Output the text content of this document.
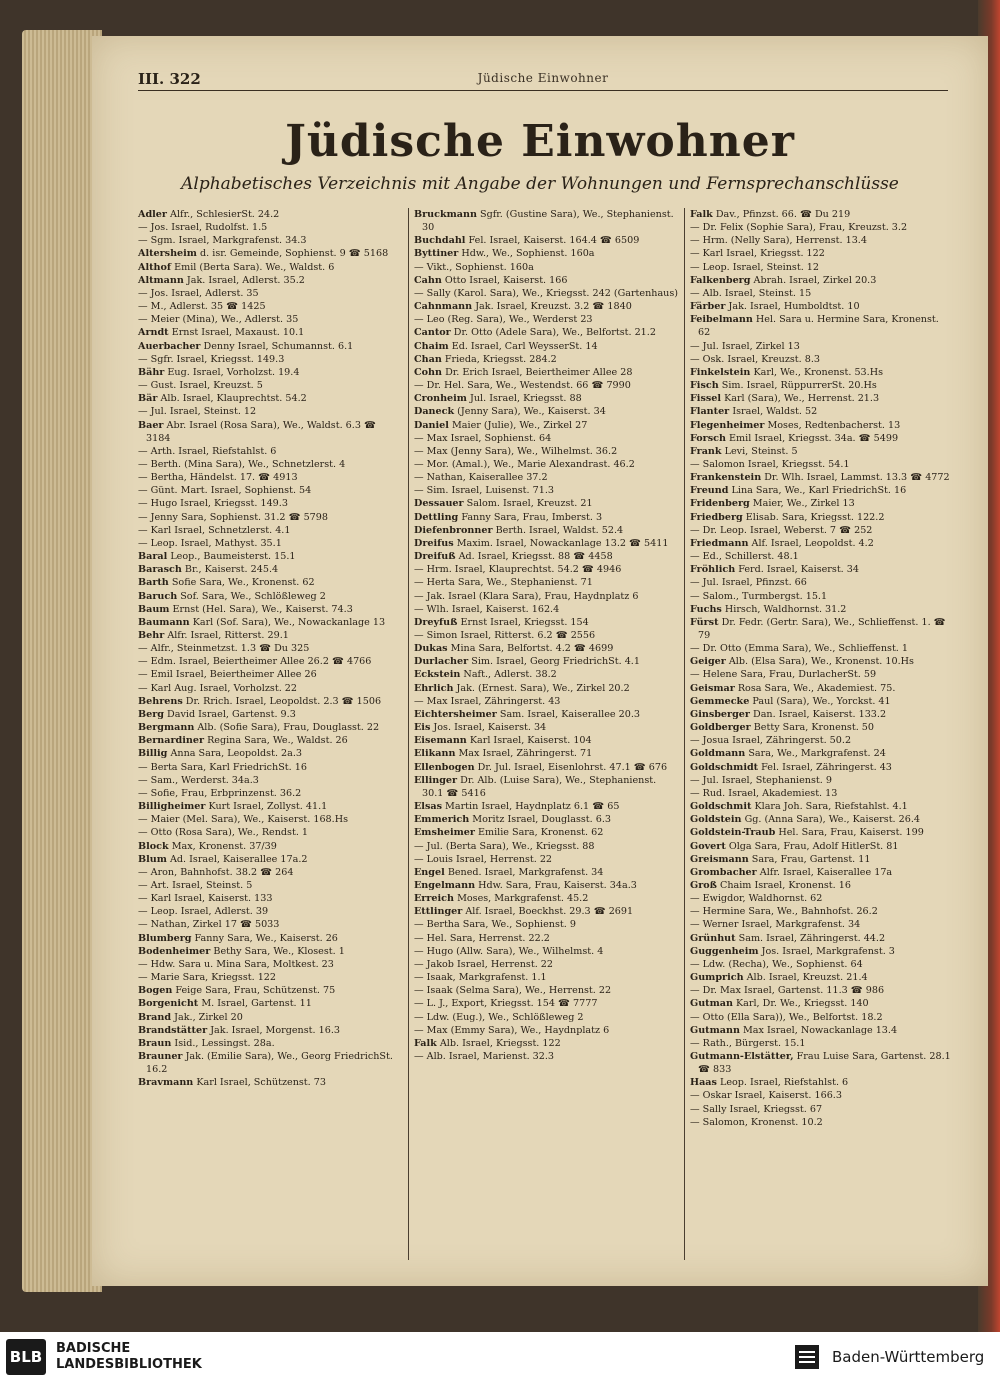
III. 322	Jüdische Einwohner
Jüdische Einwohner
Alphabetisches Verzeichnis mit Angabe der Wohnungen und Fernsprechanschlüsse
Adler Alfr., SchlesierSt. 24.2
— Jos. Israel, Rudolfst. 1.5
— Sgm. Israel, Markgrafenst. 34.3
Altersheim d. isr. Gemeinde, Sophienst. 9 ☎ 5168
Althof Emil (Berta Sara). We., Waldst. 6
Altmann Jak. Israel, Adlerst. 35.2
— Jos. Israel, Adlerst. 35
— M., Adlerst. 35 ☎ 1425
— Meier (Mina), We., Adlerst. 35
Arndt Ernst Israel, Maxaust. 10.1
Auerbacher Denny Israel, Schumannst. 6.1
— Sgfr. Israel, Kriegsst. 149.3
Bähr Eug. Israel, Vorholzst. 19.4
— Gust. Israel, Kreuzst. 5
Bär Alb. Israel, Klauprechtst. 54.2
— Jul. Israel, Steinst. 12
Baer Abr. Israel (Rosa Sara), We., Waldst. 6.3 ☎ 3184
— Arth. Israel, Riefstahlst. 6
— Berth. (Mina Sara), We., Schnetzlerst. 4
— Bertha, Händelst. 17. ☎ 4913
— Günt. Mart. Israel, Sophienst. 54
— Hugo Israel, Kriegsst. 149.3
— Jenny Sara, Sophienst. 31.2 ☎ 5798
— Karl Israel, Schnetzlerst. 4.1
— Leop. Israel, Mathyst. 35.1
Baral Leop., Baumeisterst. 15.1
Barasch Br., Kaiserst. 245.4
Barth Sofie Sara, We., Kronenst. 62
Baruch Sof. Sara, We., Schlößleweg 2
Baum Ernst (Hel. Sara), We., Kaiserst. 74.3
Baumann Karl (Sof. Sara), We., Nowackanlage 13
Behr Alfr. Israel, Ritterst. 29.1
— Alfr., Steinmetzst. 1.3 ☎ Du 325
— Edm. Israel, Beiertheimer Allee 26.2 ☎ 4766
— Emil Israel, Beiertheimer Allee 26
— Karl Aug. Israel, Vorholzst. 22
Behrens Dr. Rrich. Israel, Leopoldst. 2.3 ☎ 1506
Berg David Israel, Gartenst. 9.3
Bergmann Alb. (Sofie Sara), Frau, Douglasst. 22
Bernardiner Regina Sara, We., Waldst. 26
Billig Anna Sara, Leopoldst. 2a.3
— Berta Sara, Karl FriedrichSt. 16
— Sam., Werderst. 34a.3
— Sofie, Frau, Erbprinzenst. 36.2
Billigheimer Kurt Israel, Zollyst. 41.1
— Maier (Mel. Sara), We., Kaiserst. 168.Hs
— Otto (Rosa Sara), We., Rendst. 1
Block Max, Kronenst. 37/39
Blum Ad. Israel, Kaiserallee 17a.2
— Aron, Bahnhofst. 38.2 ☎ 264
— Art. Israel, Steinst. 5
— Karl Israel, Kaiserst. 133
— Leop. Israel, Adlerst. 39
— Nathan, Zirkel 17 ☎ 5033
Blumberg Fanny Sara, We., Kaiserst. 26
Bodenheimer Bethy Sara, We., Klosest. 1
— Hdw. Sara u. Mina Sara, Moltkest. 23
— Marie Sara, Kriegsst. 122
Bogen Feige Sara, Frau, Schützenst. 75
Borgenicht M. Israel, Gartenst. 11
Brand Jak., Zirkel 20
Brandstätter Jak. Israel, Morgenst. 16.3
Braun Isid., Lessingst. 28a.
Brauner Jak. (Emilie Sara), We., Georg FriedrichSt. 16.2
Bravmann Karl Israel, Schützenst. 73
Bruckmann Sgfr. (Gustine Sara), We., Stephanienst. 30
Buchdahl Fel. Israel, Kaiserst. 164.4 ☎ 6509
Byttiner Hdw., We., Sophienst. 160a
— Vikt., Sophienst. 160a
Cahn Otto Israel, Kaiserst. 166
— Sally (Karol. Sara), We., Kriegsst. 242 (Gartenhaus)
Cahnmann Jak. Israel, Kreuzst. 3.2 ☎ 1840
— Leo (Reg. Sara), We., Werderst 23
Cantor Dr. Otto (Adele Sara), We., Belfortst. 21.2
Chaim Ed. Israel, Carl WeysserSt. 14
Chan Frieda, Kriegsst. 284.2
Cohn Dr. Erich Israel, Beiertheimer Allee 28
— Dr. Hel. Sara, We., Westendst. 66 ☎ 7990
Cronheim Jul. Israel, Kriegsst. 88
Daneck (Jenny Sara), We., Kaiserst. 34
Daniel Maier (Julie), We., Zirkel 27
— Max Israel, Sophienst. 64
— Max (Jenny Sara), We., Wilhelmst. 36.2
— Mor. (Amal.), We., Marie Alexandrast. 46.2
— Nathan, Kaiserallee 37.2
— Sim. Israel, Luisenst. 71.3
Dessauer Salom. Israel, Kreuzst. 21
Dettling Fanny Sara, Frau, Imberst. 3
Diefenbronner Berth. Israel, Waldst. 52.4
Dreifus Maxim. Israel, Nowackanlage 13.2 ☎ 5411
Dreifuß Ad. Israel, Kriegsst. 88 ☎ 4458
— Hrm. Israel, Klauprechtst. 54.2 ☎ 4946
— Herta Sara, We., Stephanienst. 71
— Jak. Israel (Klara Sara), Frau, Haydnplatz 6
— Wlh. Israel, Kaiserst. 162.4
Dreyfuß Ernst Israel, Kriegsst. 154
— Simon Israel, Ritterst. 6.2 ☎ 2556
Dukas Mina Sara, Belfortst. 4.2 ☎ 4699
Durlacher Sim. Israel, Georg FriedrichSt. 4.1
Eckstein Naft., Adlerst. 38.2
Ehrlich Jak. (Ernest. Sara), We., Zirkel 20.2
— Max Israel, Zähringerst. 43
Eichtersheimer Sam. Israel, Kaiserallee 20.3
Eis Jos. Israel, Kaiserst. 34
Eisemann Karl Israel, Kaiserst. 104
Elikann Max Israel, Zähringerst. 71
Ellenbogen Dr. Jul. Israel, Eisenlohrst. 47.1 ☎ 676
Ellinger Dr. Alb. (Luise Sara), We., Stephanienst. 30.1 ☎ 5416
Elsas Martin Israel, Haydnplatz 6.1 ☎ 65
Emmerich Moritz Israel, Douglasst. 6.3
Emsheimer Emilie Sara, Kronenst. 62
— Jul. (Berta Sara), We., Kriegsst. 88
— Louis Israel, Herrenst. 22
Engel Bened. Israel, Markgrafenst. 34
Engelmann Hdw. Sara, Frau, Kaiserst. 34a.3
Erreich Moses, Markgrafenst. 45.2
Ettlinger Alf. Israel, Boeckhst. 29.3 ☎ 2691
— Bertha Sara, We., Sophienst. 9
— Hel. Sara, Herrenst. 22.2
— Hugo (Allw. Sara), We., Wilhelmst. 4
— Jakob Israel, Herrenst. 22
— Isaak, Markgrafenst. 1.1
— Isaak (Selma Sara), We., Herrenst. 22
— L. J., Export, Kriegsst. 154 ☎ 7777
— Ldw. (Eug.), We., Schlößleweg 2
— Max (Emmy Sara), We., Haydnplatz 6
Falk Alb. Israel, Kriegsst. 122
— Alb. Israel, Marienst. 32.3
Falk Dav., Pfinzst. 66. ☎ Du 219
— Dr. Felix (Sophie Sara), Frau, Kreuzst. 3.2
— Hrm. (Nelly Sara), Herrenst. 13.4
— Karl Israel, Kriegsst. 122
— Leop. Israel, Steinst. 12
Falkenberg Abrah. Israel, Zirkel 20.3
— Alb. Israel, Steinst. 15
Färber Jak. Israel, Humboldtst. 10
Feibelmann Hel. Sara u. Hermine Sara, Kronenst. 62
— Jul. Israel, Zirkel 13
— Osk. Israel, Kreuzst. 8.3
Finkelstein Karl, We., Kronenst. 53.Hs
Fisch Sim. Israel, RüppurrerSt. 20.Hs
Fissel Karl (Sara), We., Herrenst. 21.3
Flanter Israel, Waldst. 52
Flegenheimer Moses, Redtenbacherst. 13
Forsch Emil Israel, Kriegsst. 34a. ☎ 5499
Frank Levi, Steinst. 5
— Salomon Israel, Kriegsst. 54.1
Frankenstein Dr. Wlh. Israel, Lammst. 13.3 ☎ 4772
Freund Lina Sara, We., Karl FriedrichSt. 16
Fridenberg Maier, We., Zirkel 13
Friedberg Elisab. Sara, Kriegsst. 122.2
— Dr. Leop. Israel, Weberst. 7 ☎ 252
Friedmann Alf. Israel, Leopoldst. 4.2
— Ed., Schillerst. 48.1
Fröhlich Ferd. Israel, Kaiserst. 34
— Jul. Israel, Pfinzst. 66
— Salom., Turmbergst. 15.1
Fuchs Hirsch, Waldhornst. 31.2
Fürst Dr. Fedr. (Gertr. Sara), We., Schlieffenst. 1. ☎ 79
— Dr. Otto (Emma Sara), We., Schlieffenst. 1
Geiger Alb. (Elsa Sara), We., Kronenst. 10.Hs
— Helene Sara, Frau, DurlacherSt. 59
Geismar Rosa Sara, We., Akademiest. 75.
Gemmecke Paul (Sara), We., Yorckst. 41
Ginsberger Dan. Israel, Kaiserst. 133.2
Goldberger Betty Sara, Kronenst. 50
— Josua Israel, Zähringerst. 50.2
Goldmann Sara, We., Markgrafenst. 24
Goldschmidt Fel. Israel, Zähringerst. 43
— Jul. Israel, Stephanienst. 9
— Rud. Israel, Akademiest. 13
Goldschmit Klara Joh. Sara, Riefstahlst. 4.1
Goldstein Gg. (Anna Sara), We., Kaiserst. 26.4
Goldstein-Traub Hel. Sara, Frau, Kaiserst. 199
Govert Olga Sara, Frau, Adolf HitlerSt. 81
Greismann Sara, Frau, Gartenst. 11
Grombacher Alfr. Israel, Kaiserallee 17a
Groß Chaim Israel, Kronenst. 16
— Ewigdor, Waldhornst. 62
— Hermine Sara, We., Bahnhofst. 26.2
— Werner Israel, Markgrafenst. 34
Grünhut Sam. Israel, Zähringerst. 44.2
Guggenheim Jos. Israel, Markgrafenst. 3
— Ldw. (Recha), We., Sophienst. 64
Gumprich Alb. Israel, Kreuzst. 21.4
— Dr. Max Israel, Gartenst. 11.3 ☎ 986
Gutman Karl, Dr. We., Kriegsst. 140
— Otto (Ella Sara)), We., Belfortst. 18.2
Gutmann Max Israel, Nowackanlage 13.4
— Rath., Bürgerst. 15.1
Gutmann-Elstätter, Frau Luise Sara, Gartenst. 28.1 ☎ 833
Haas Leop. Israel, Riefstahlst. 6
— Oskar Israel, Kaiserst. 166.3
— Sally Israel, Kriegsst. 67
— Salomon, Kronenst. 10.2
BLB BADISCHE
LANDESBIBLIOTHEK	Baden-Württemberg
